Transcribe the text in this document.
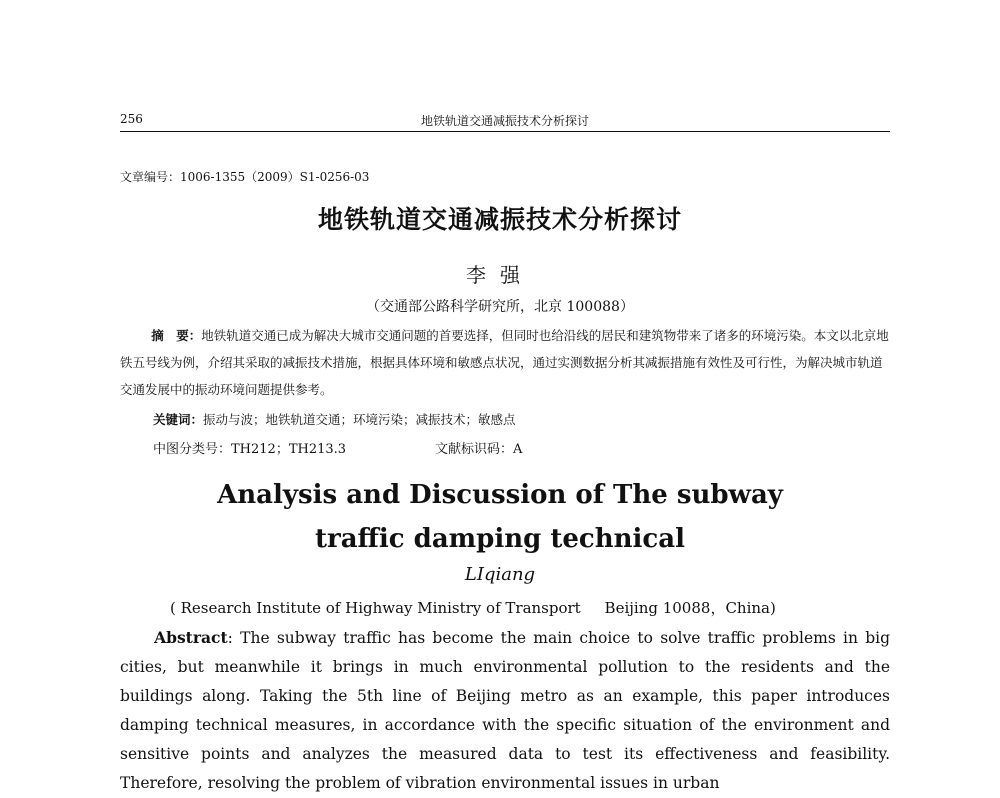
256	地铁轨道交通减振技术分析探讨
文章编号：1006-1355（2009）S1-0256-03
地铁轨道交通减振技术分析探讨
李强
（交通部公路科学研究所，北京 100088）
摘　要：地铁轨道交通已成为解决大城市交通问题的首要选择，但同时也给沿线的居民和建筑物带来了诸多的环境污染。本文以北京地铁五号线为例，介绍其采取的减振技术措施，根据具体环境和敏感点状况，通过实测数据分析其减振措施有效性及可行性，为解决城市轨道交通发展中的振动环境问题提供参考。
关键词：振动与波；地铁轨道交通；环境污染；减振技术；敏感点
中图分类号：TH212；TH213.3	文献标识码：A
Analysis and Discussion of The subway
traffic damping technical
LIqiang
( Research Institute of Highway Ministry of Transport     Beijing 10088，China)
Abstract: The subway traffic has become the main choice to solve traffic problems in big cities, but meanwhile it brings in much environmental pollution to the residents and the buildings along. Taking the 5th line of Beijing metro as an example, this paper introduces damping technical measures, in accordance with the specific situation of the environment and sensitive points and analyzes the measured data to test its effectiveness and feasibility. Therefore, resolving the problem of vibration environmental issues in urban
